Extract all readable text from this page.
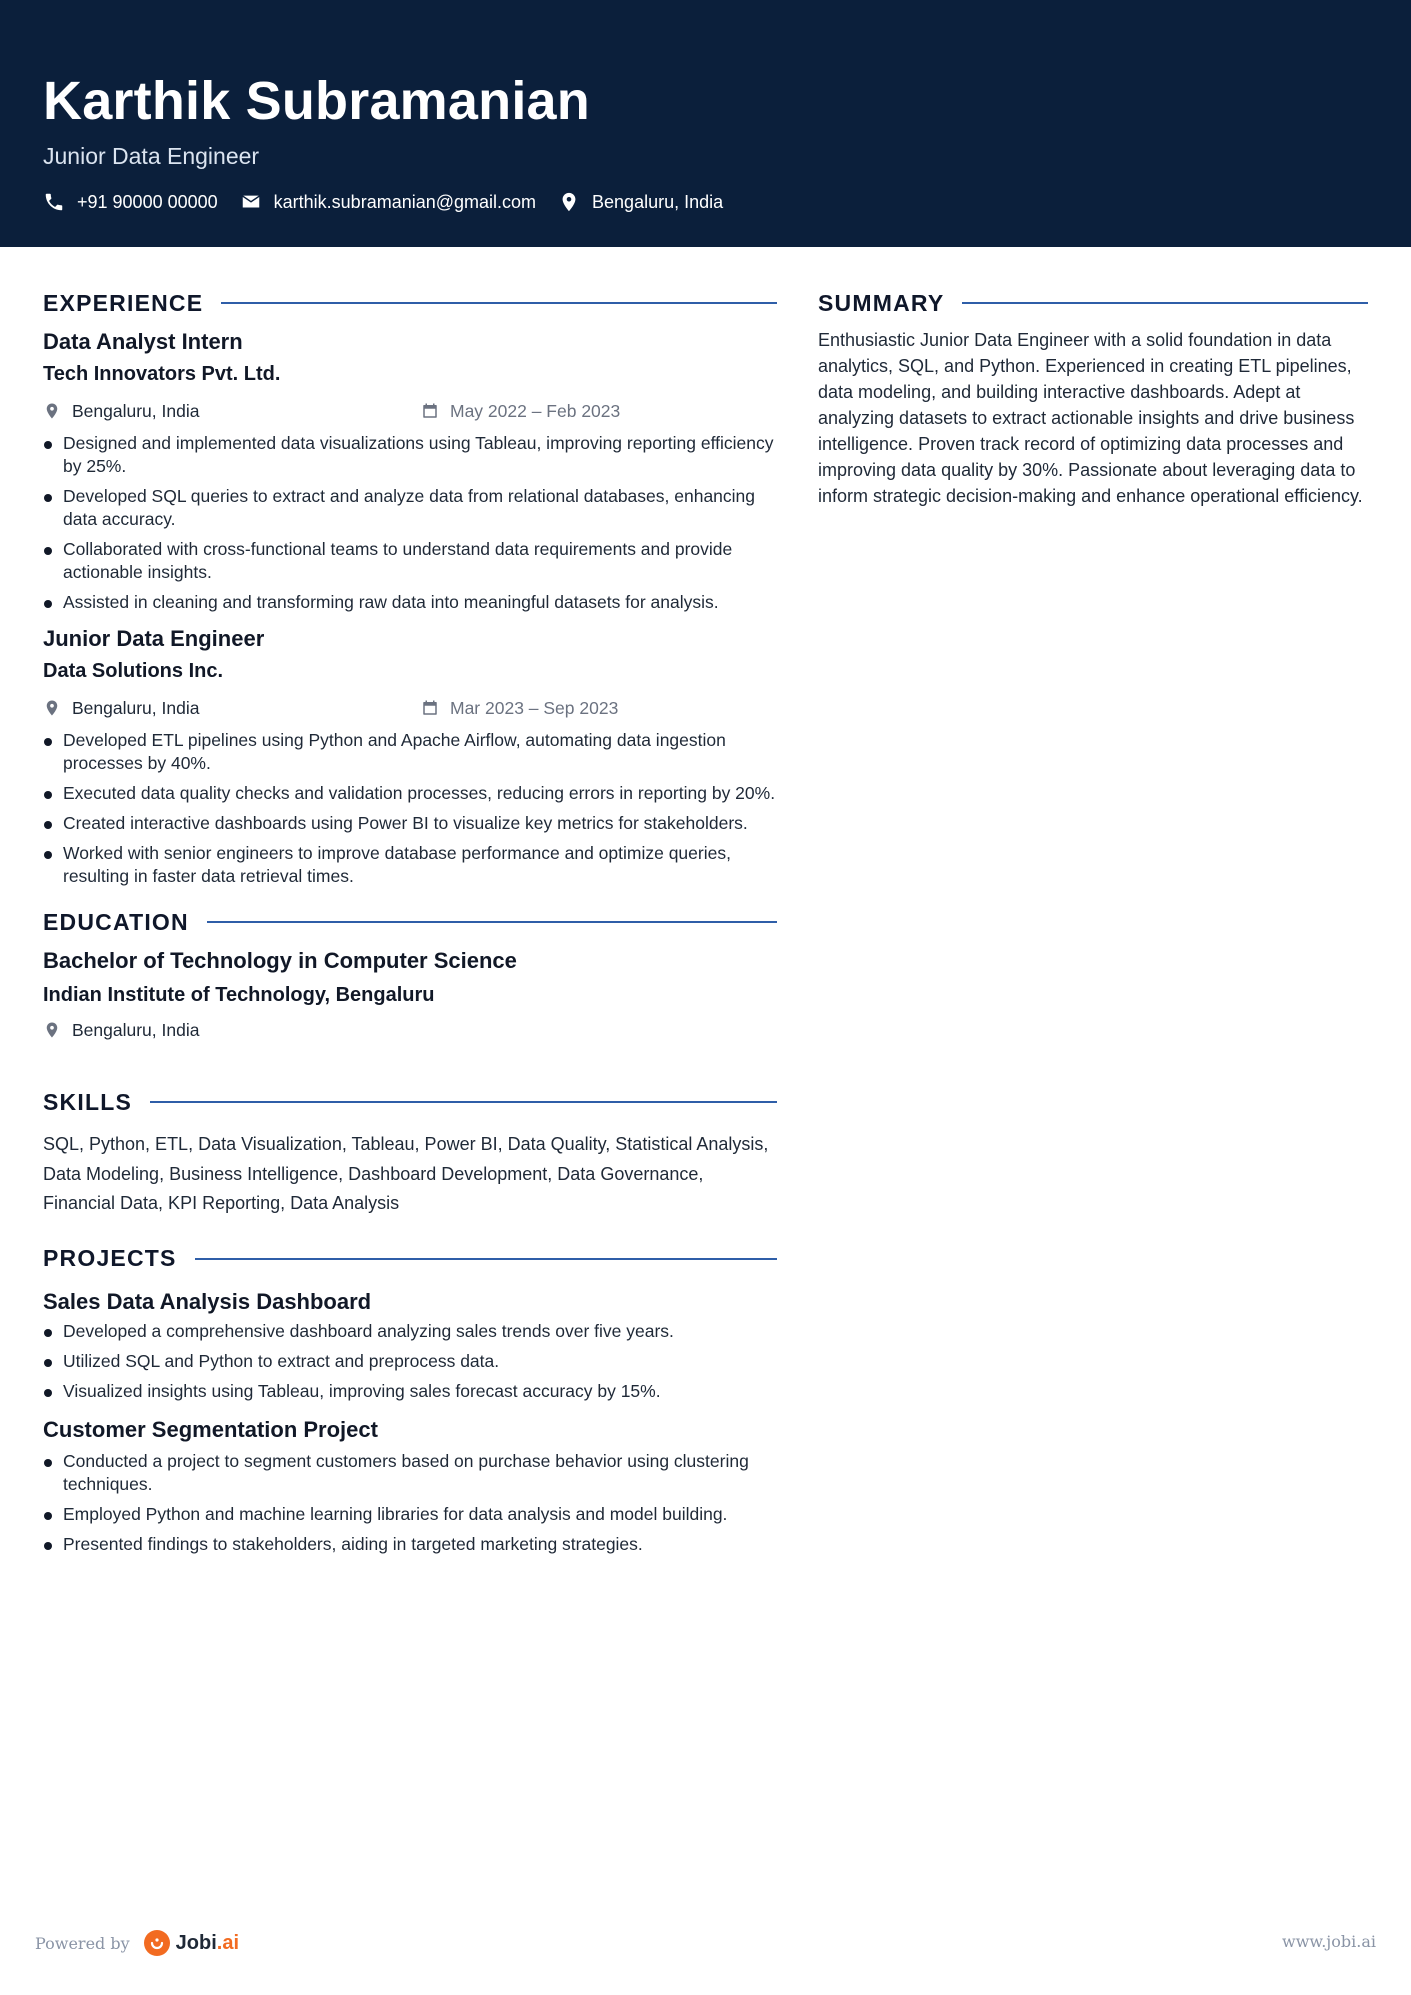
Karthik Subramanian
Junior Data Engineer
+91 90000 00000	karthik.subramanian@gmail.com	Bengaluru, India
EXPERIENCE
Data Analyst Intern
Tech Innovators Pvt. Ltd.
Bengaluru, India	May 2022 – Feb 2023
Designed and implemented data visualizations using Tableau, improving reporting efficiency by 25%.
Developed SQL queries to extract and analyze data from relational databases, enhancing data accuracy.
Collaborated with cross-functional teams to understand data requirements and provide actionable insights.
Assisted in cleaning and transforming raw data into meaningful datasets for analysis.
Junior Data Engineer
Data Solutions Inc.
Bengaluru, India	Mar 2023 – Sep 2023
Developed ETL pipelines using Python and Apache Airflow, automating data ingestion processes by 40%.
Executed data quality checks and validation processes, reducing errors in reporting by 20%.
Created interactive dashboards using Power BI to visualize key metrics for stakeholders.
Worked with senior engineers to improve database performance and optimize queries, resulting in faster data retrieval times.
EDUCATION
Bachelor of Technology in Computer Science
Indian Institute of Technology, Bengaluru
Bengaluru, India
SKILLS
SQL, Python, ETL, Data Visualization, Tableau, Power BI, Data Quality, Statistical Analysis, Data Modeling, Business Intelligence, Dashboard Development, Data Governance, Financial Data, KPI Reporting, Data Analysis
PROJECTS
Sales Data Analysis Dashboard
Developed a comprehensive dashboard analyzing sales trends over five years.
Utilized SQL and Python to extract and preprocess data.
Visualized insights using Tableau, improving sales forecast accuracy by 15%.
Customer Segmentation Project
Conducted a project to segment customers based on purchase behavior using clustering techniques.
Employed Python and machine learning libraries for data analysis and model building.
Presented findings to stakeholders, aiding in targeted marketing strategies.
SUMMARY
Enthusiastic Junior Data Engineer with a solid foundation in data analytics, SQL, and Python. Experienced in creating ETL pipelines, data modeling, and building interactive dashboards. Adept at analyzing datasets to extract actionable insights and drive business intelligence. Proven track record of optimizing data processes and improving data quality by 30%. Passionate about leveraging data to inform strategic decision-making and enhance operational efficiency.
Powered by Jobi.ai	www.jobi.ai
